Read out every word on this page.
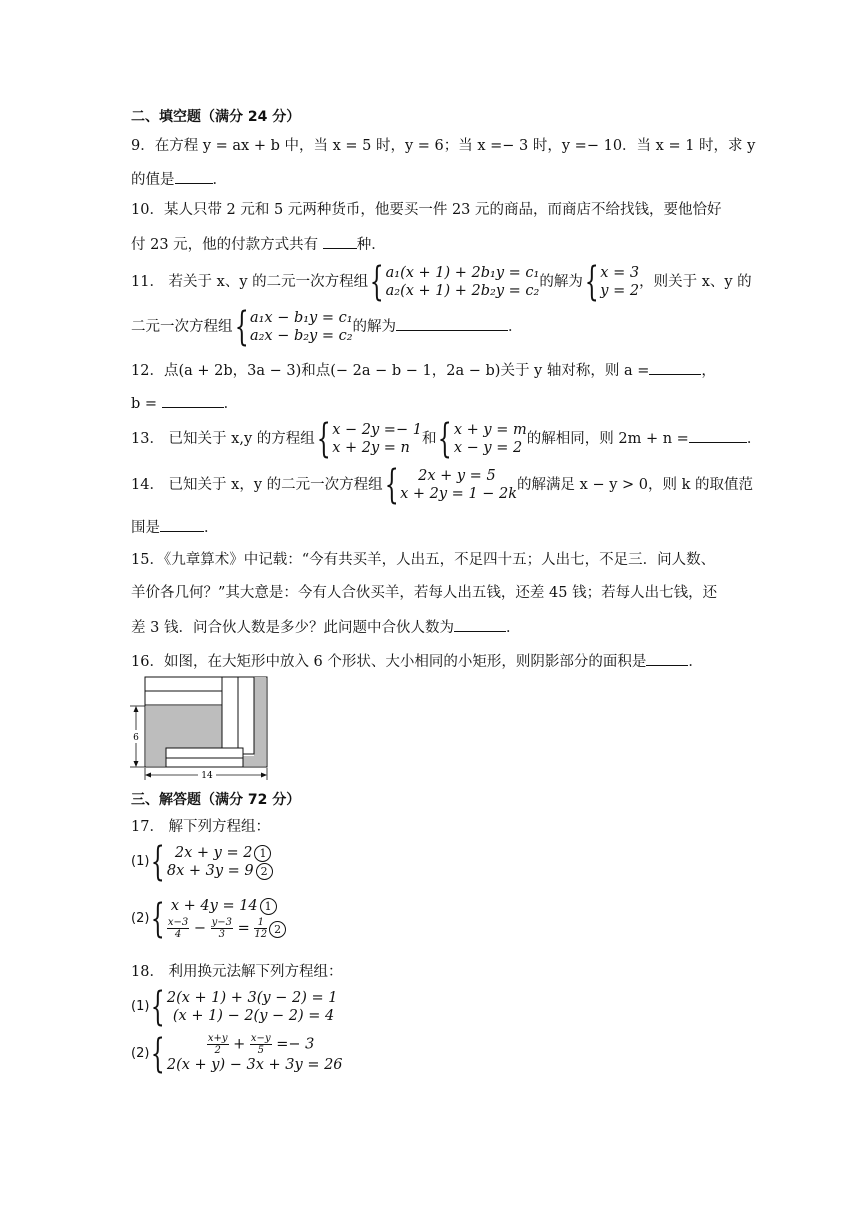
二、填空题（满分 24 分）
9．在方程 y = ax + b 中，当 x = 5 时，y = 6；当 x =− 3 时，y =− 10．当 x = 1 时，求 y
的值是	．
10．某人只带 2 元和 5 元两种货币，他要买一件 23 元的商品，而商店不给找钱，要他恰好
付 23 元，他的付款方式共有 种．
11． 若关于 x、y 的二元一次方程组{ a₁(x + 1) + 2b₁y = c₁
a₂(x + 1) + 2b₂y = c₂
的解为{ x = 3
y = 2
，则关于 x、y 的
二元一次方程组{ a₁x − b₁y = c₁
a₂x − b₂y = c₂
的解为	．
12．点(a + 2b，3a − 3)和点(− 2a − b − 1，2a − b)关于 y 轴对称，则 a =	，
b =	．
13． 已知关于 x,y 的方程组{ x − 2y =− 1
x + 2y = n
和{ x + y = m
x − y = 2
的解相同，则 2m + n =	．
14． 已知关于 x，y 的二元一次方程组{	2x + y = 5
x + 2y = 1 − 2k
的解满足 x − y > 0，则 k 的取值范
围是	．
15．《九章算术》中记载：“今有共买羊，人出五，不足四十五；人出七，不足三．问人数、
羊价各几何？”其大意是：今有人合伙买羊，若每人出五钱，还差 45 钱；若每人出七钱，还
差 3 钱．问合伙人数是多少？此问题中合伙人数为	．
16．如图，在大矩形中放入 6 个形状、大小相同的小矩形，则阴影部分的面积是	．
6
14
三、解答题（满分 72 分）
17． 解下列方程组：
(1){ 2x + y = 2 1
8x + 3y = 9 2
(2){ x + 4y = 14 1
$\frac{x-3}{4} - \frac{y-3}{3} = \frac{1}{12} 2$
18． 利用换元法解下列方程组：
(1){ 2(x + 1) + 3(y − 2) = 1
(x + 1) − 2(y − 2) = 4
(2){	$\frac{x+y}{2} + \frac{x-y}{5} =- 3$
2(x + y) − 3x + 3y = 26
